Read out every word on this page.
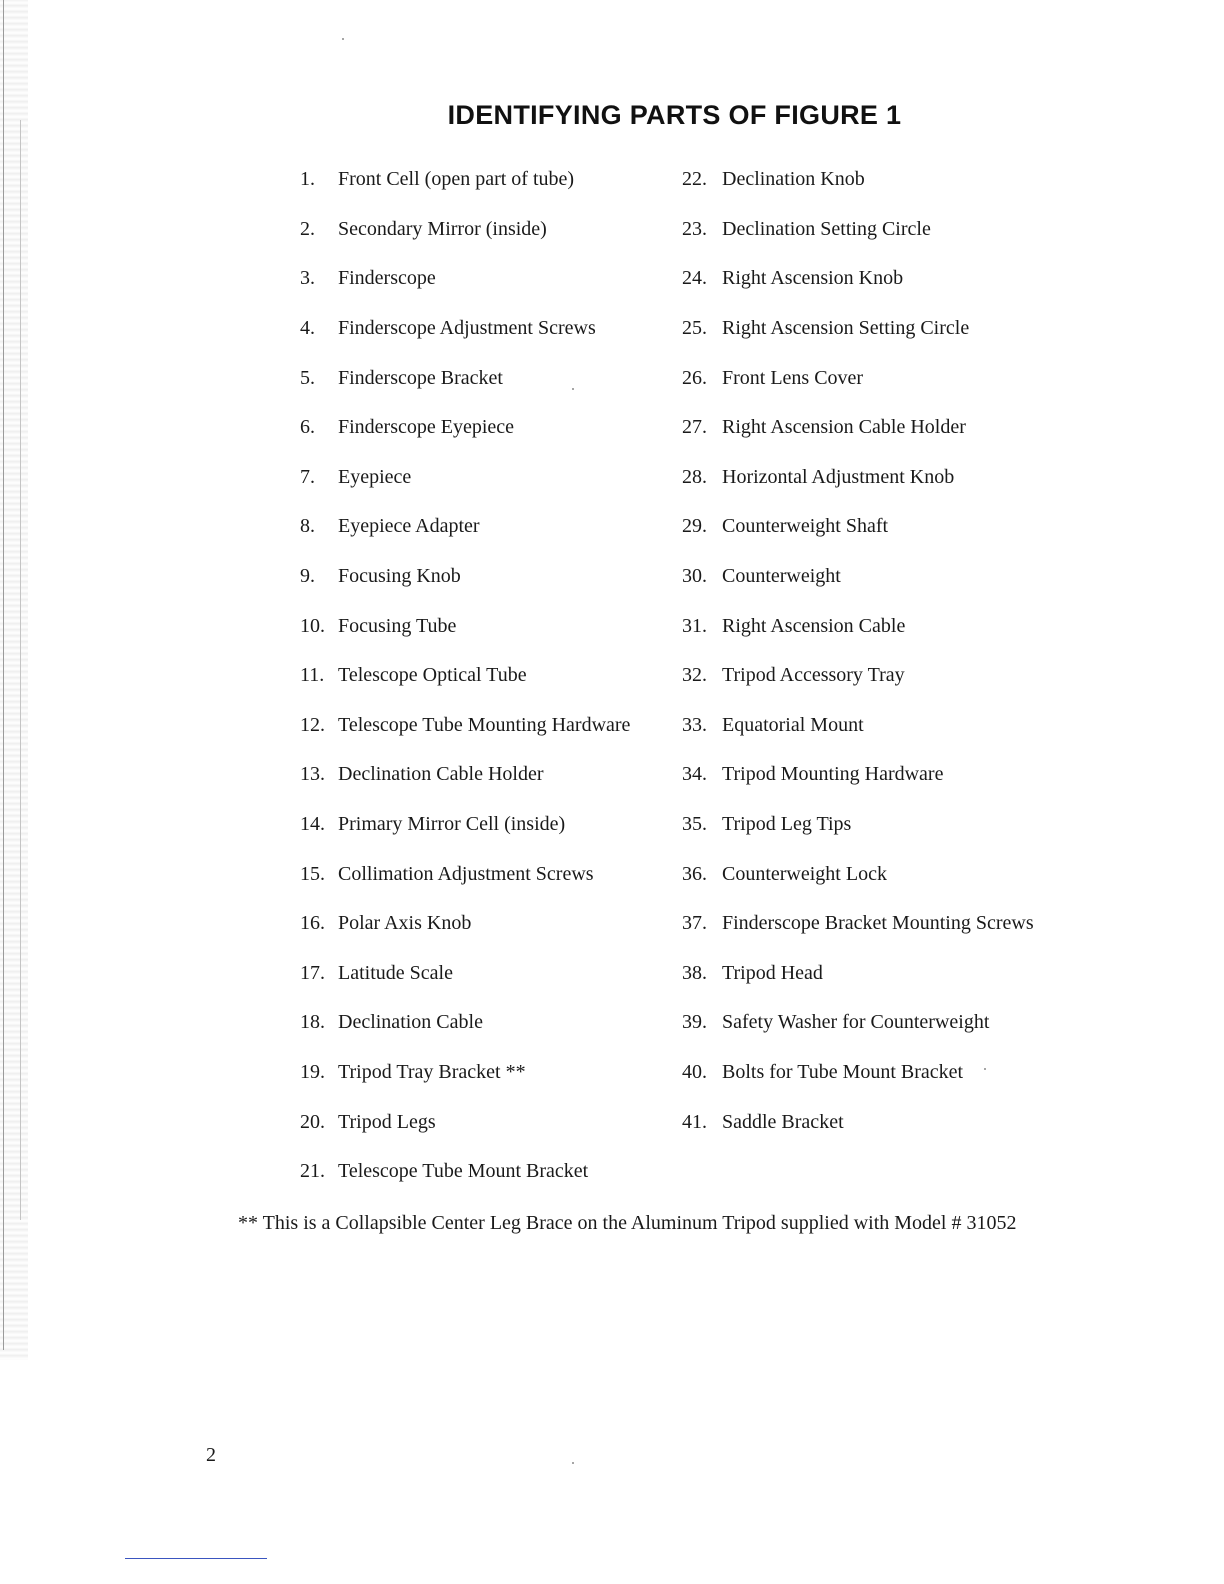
IDENTIFYING PARTS OF FIGURE 1
1.	Front Cell (open part of tube)
2.	Secondary Mirror (inside)
3.	Finderscope
4.	Finderscope Adjustment Screws
5.	Finderscope Bracket
6.	Finderscope Eyepiece
7.	Eyepiece
8.	Eyepiece Adapter
9.	Focusing Knob
10. Focusing Tube
11. Telescope Optical Tube
12. Telescope Tube Mounting Hardware
13. Declination Cable Holder
14. Primary Mirror Cell (inside)
15. Collimation Adjustment Screws
16. Polar Axis Knob
17. Latitude Scale
18. Declination Cable
19. Tripod Tray Bracket **
20. Tripod Legs
21. Telescope Tube Mount Bracket
22. Declination Knob
23. Declination Setting Circle
24. Right Ascension Knob
25. Right Ascension Setting Circle
26. Front Lens Cover
27. Right Ascension Cable Holder
28. Horizontal Adjustment Knob
29. Counterweight Shaft
30. Counterweight
31. Right Ascension Cable
32. Tripod Accessory Tray
33. Equatorial Mount
34. Tripod Mounting Hardware
35. Tripod Leg Tips
36. Counterweight Lock
37. Finderscope Bracket Mounting Screws
38. Tripod Head
39. Safety Washer for Counterweight
40. Bolts for Tube Mount Bracket
41. Saddle Bracket
** This is a Collapsible Center Leg Brace on the Aluminum Tripod supplied with Model # 31052
2
